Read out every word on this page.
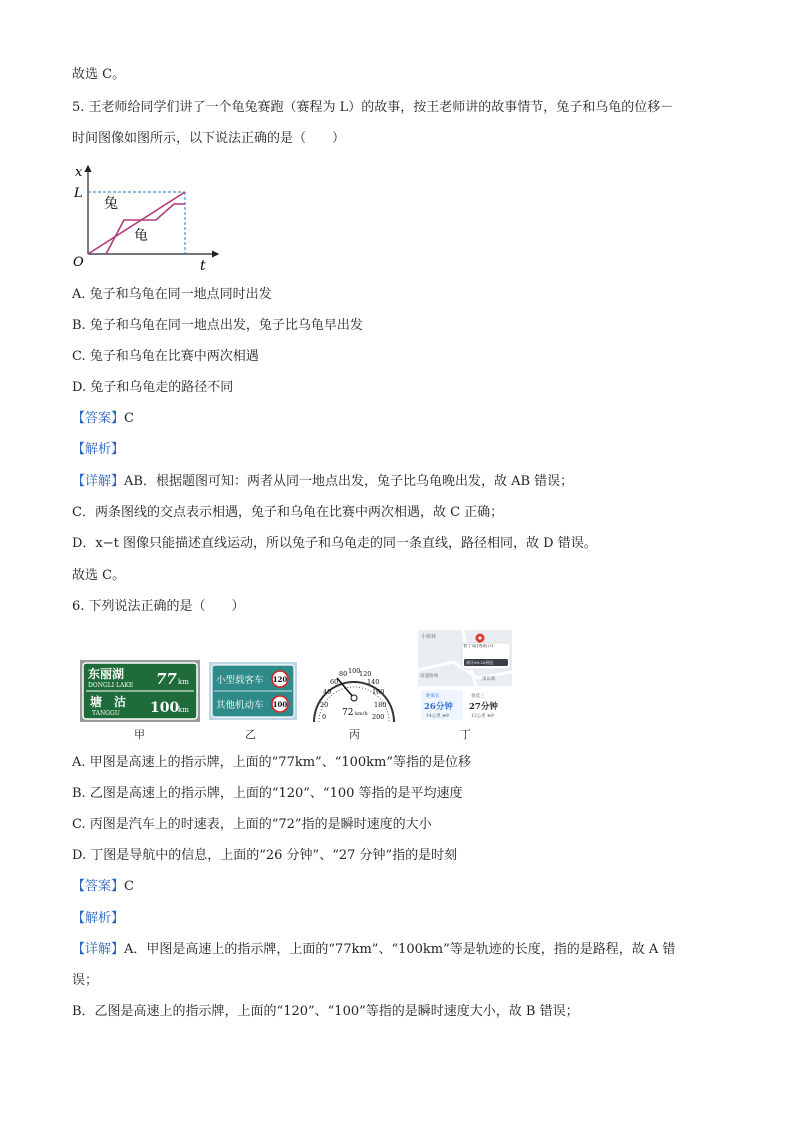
故选 C。
5. 王老师给同学们讲了一个龟兔赛跑（赛程为 L）的故事，按王老师讲的故事情节，兔子和乌龟的位移－
时间图像如图所示，以下说法正确的是（　　）
x
L
O	t
兔
龟
A. 兔子和乌龟在同一地点同时出发
B. 兔子和乌龟在同一地点出发，兔子比乌龟早出发
C. 兔子和乌龟在比赛中两次相遇
D. 兔子和乌龟走的路径不同
【答案】C
【解析】
【详解】AB．根据题图可知：两者从同一地点出发，兔子比乌龟晚出发，故 AB 错误；
C．两条图线的交点表示相遇，兔子和乌龟在比赛中两次相遇，故 C 正确；
D．x−t 图像只能描述直线运动，所以兔子和乌龟走的同一条直线，路径相同，故 D 错误。
故选 C。
6. 下列说法正确的是（　　）
东丽湖
DONGLI LAKE 77 km
塘　沽
TANGGU 100
km
甲
小型载客车 120
其他机动车 100
乙
0
20
40
60
80 100
120
140
160
180
200
72 km/h
丙
小树林
高速路网
深田寨
普宁站(进站口)
预计09:20到达
距离长
26分钟
14公里 ⊜9
备选三
27分钟
12公里 ⊜9
丁
A. 甲图是高速上的指示牌，上面的“77km”、“100km”等指的是位移
B. 乙图是高速上的指示牌，上面的“120”、“100 等指的是平均速度
C. 丙图是汽车上的时速表，上面的“72”指的是瞬时速度的大小
D. 丁图是导航中的信息，上面的“26 分钟”、“27 分钟”指的是时刻
【答案】C
【解析】
【详解】A．甲图是高速上的指示牌，上面的“77km”、“100km”等是轨迹的长度，指的是路程，故 A 错
误；
B．乙图是高速上的指示牌，上面的“120”、“100”等指的是瞬时速度大小，故 B 错误；
